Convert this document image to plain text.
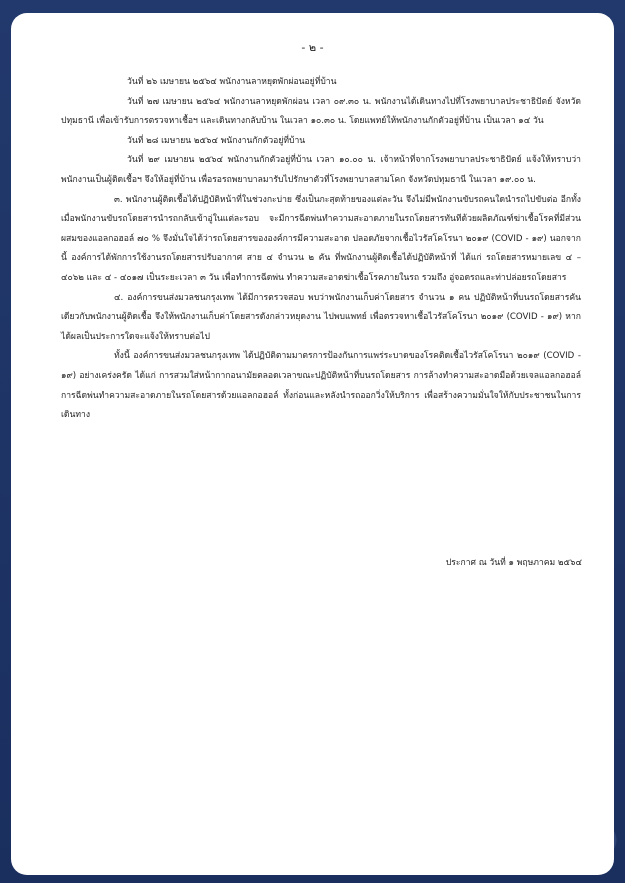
- ๒ -

วันที่ ๒๖ เมษายน ๒๕๖๔ พนักงานลาหยุดพักผ่อนอยู่ที่บ้าน

วันที่ ๒๗ เมษายน ๒๕๖๔ พนักงานลาหยุดพักผ่อน เวลา ๐๙.๓๐ น. พนักงานได้เดินทางไปที่โรงพยาบาลประชาธิปัตย์ จังหวัดปทุมธานี เพื่อเข้ารับการตรวจหาเชื้อฯ และเดินทางกลับบ้าน ในเวลา ๑๐.๓๐ น. โดยแพทย์ให้พนักงานกักตัวอยู่ที่บ้าน เป็นเวลา ๑๔ วัน

วันที่ ๒๘ เมษายน ๒๕๖๔ พนักงานกักตัวอยู่ที่บ้าน

วันที่ ๒๙ เมษายน ๒๕๖๔ พนักงานกักตัวอยู่ที่บ้าน เวลา ๑๐.๐๐ น. เจ้าหน้าที่จากโรงพยาบาลประชาธิปัตย์ แจ้งให้ทราบว่าพนักงานเป็นผู้ติดเชื้อฯ จึงให้อยู่ที่บ้าน เพื่อรอรถพยาบาลมารับไปรักษาตัวที่โรงพยาบาลสามโคก จังหวัดปทุมธานี ในเวลา ๑๙.๐๐ น.

๓. พนักงานผู้ติดเชื้อได้ปฏิบัติหน้าที่ในช่วงกะบ่าย ซึ่งเป็นกะสุดท้ายของแต่ละวัน จึงไม่มีพนักงานขับรถคนใดนำรถไปขับต่อ อีกทั้ง เมื่อพนักงานขับรถโดยสารนำรถกลับเข้าอู่ในแต่ละรอบ จะมีการฉีดพ่นทำความสะอาดภายในรถโดยสารทันทีด้วยผลิตภัณฑ์ฆ่าเชื้อโรคที่มีส่วนผสมของแอลกอฮอล์ ๗๐ % จึงมั่นใจได้ว่ารถโดยสารขององค์การมีความสะอาด ปลอดภัยจากเชื้อไวรัสโคโรนา ๒๐๑๙ (COVID - ๑๙) นอกจากนี้ องค์การได้พักการใช้งานรถโดยสารปรับอากาศ สาย ๔ จำนวน ๒ คัน ที่พนักงานผู้ติดเชื้อได้ปฏิบัติหน้าที่ ได้แก่ รถโดยสารหมายเลข ๔ – ๔๐๖๒ และ ๔ - ๔๐๑๗ เป็นระยะเวลา ๓ วัน เพื่อทำการฉีดพ่น ทำความสะอาดฆ่าเชื้อโรคภายในรถ รวมถึง อู่จอดรถและท่าปล่อยรถโดยสาร

๔. องค์การขนส่งมวลชนกรุงเทพ ได้มีการตรวจสอบ พบว่าพนักงานเก็บค่าโดยสาร จำนวน ๑ คน ปฏิบัติหน้าที่บนรถโดยสารคันเดียวกับพนักงานผู้ติดเชื้อ จึงให้พนักงานเก็บค่าโดยสารดังกล่าวหยุดงาน ไปพบแพทย์ เพื่อตรวจหาเชื้อไวรัสโคโรนา ๒๐๑๙ (COVID - ๑๙) หากได้ผลเป็นประการใดจะแจ้งให้ทราบต่อไป

ทั้งนี้ องค์การขนส่งมวลชนกรุงเทพ ได้ปฏิบัติตามมาตรการป้องกันการแพร่ระบาดของโรคติดเชื้อไวรัสโคโรนา ๒๐๑๙ (COVID - ๑๙) อย่างเคร่งครัด ได้แก่ การสวมใส่หน้ากากอนามัยตลอดเวลาขณะปฏิบัติหน้าที่บนรถโดยสาร การล้างทำความสะอาดมือด้วยเจลแอลกอฮอล์ การฉีดพ่นทำความสะอาดภายในรถโดยสารด้วยแอลกอฮอล์ ทั้งก่อนและหลังนำรถออกวิ่งให้บริการ เพื่อสร้างความมั่นใจให้กับประชาชนในการเดินทาง

ประกาศ ณ วันที่ ๑ พฤษภาคม ๒๕๖๔
